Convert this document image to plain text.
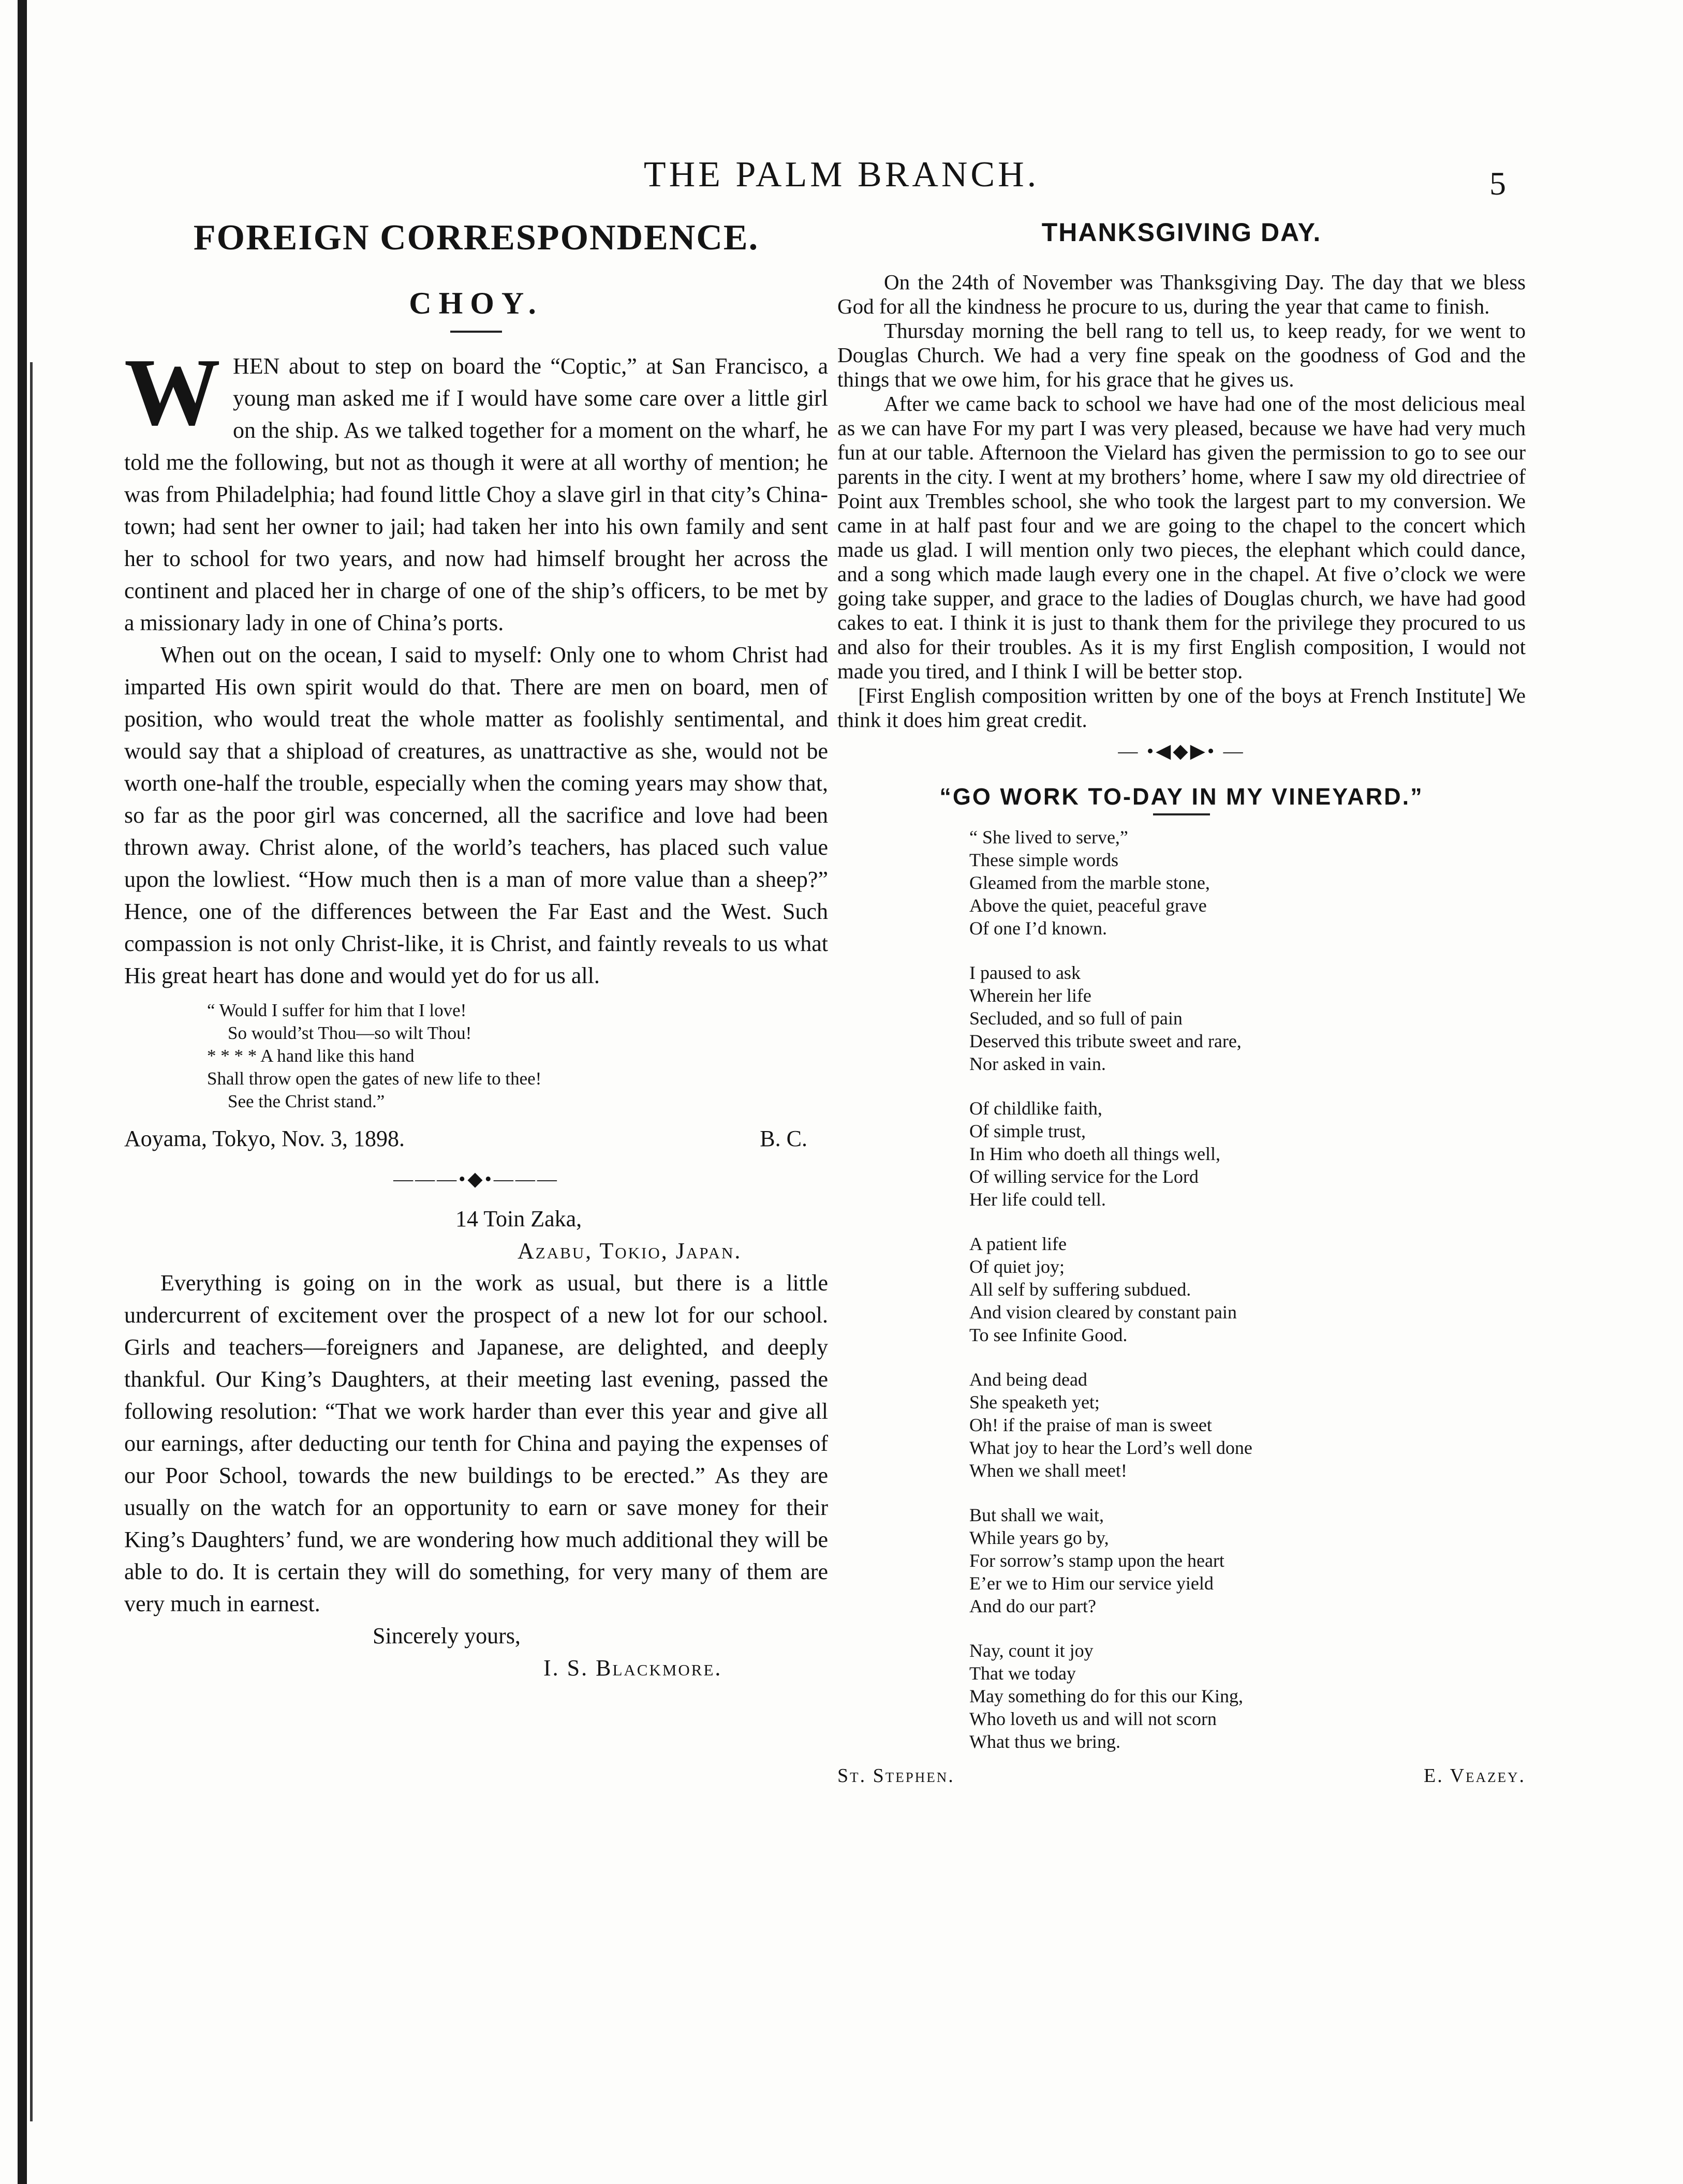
THE PALM BRANCH.	5
FOREIGN CORRESPONDENCE.
CHOY.

WHEN about to step on board the “Coptic,” at San Francisco, a young man asked me if I would have some care over a little girl on the ship. As we talked together for a moment on the wharf, he told me the following, but not as though it were at all worthy of mention; he was from Philadelphia; had found little Choy a slave girl in that city’s China-town; had sent her owner to jail; had taken her into his own family and sent her to school for two years, and now had himself brought her across the continent and placed her in charge of one of the ship’s officers, to be met by a missionary lady in one of China’s ports.

When out on the ocean, I said to myself: Only one to whom Christ had imparted His own spirit would do that. There are men on board, men of position, who would treat the whole matter as foolishly sentimental, and would say that a shipload of creatures, as unattractive as she, would not be worth one-half the trouble, especially when the coming years may show that, so far as the poor girl was concerned, all the sacrifice and love had been thrown away. Christ alone, of the world’s teachers, has placed such value upon the lowliest. “How much then is a man of more value than a sheep?” Hence, one of the differences between the Far East and the West. Such compassion is not only Christ-like, it is Christ, and faintly reveals to us what His great heart has done and would yet do for us all.

“ Would I suffer for him that I love!
So would’st Thou—so wilt Thou!
* * * * A hand like this hand
Shall throw open the gates of new life to thee!
See the Christ stand.”
Aoyama, Tokyo, Nov. 3, 1898.	B. C.
———•◆•———
14 Toin Zaka,
Azabu, Tokio, Japan.

Everything is going on in the work as usual, but there is a little undercurrent of excitement over the prospect of a new lot for our school. Girls and teachers—foreigners and Japanese, are delighted, and deeply thankful. Our King’s Daughters, at their meeting last evening, passed the following resolution: “That we work harder than ever this year and give all our earnings, after deducting our tenth for China and paying the expenses of our Poor School, towards the new buildings to be erected.” As they are usually on the watch for an opportunity to earn or save money for their King’s Daughters’ fund, we are wondering how much additional they will be able to do. It is certain they will do something, for very many of them are very much in earnest.

Sincerely yours,
I. S. Blackmore.
THANKSGIVING DAY.

On the 24th of November was Thanksgiving Day. The day that we bless God for all the kindness he procure to us, during the year that came to finish.

Thursday morning the bell rang to tell us, to keep ready, for we went to Douglas Church. We had a very fine speak on the goodness of God and the things that we owe him, for his grace that he gives us.

After we came back to school we have had one of the most delicious meal as we can have For my part I was very pleased, because we have had very much fun at our table. Afternoon the Vielard has given the permission to go to see our parents in the city. I went at my brothers’ home, where I saw my old directriee of Point aux Trembles school, she who took the largest part to my conversion. We came in at half past four and we are going to the chapel to the concert which made us glad. I will mention only two pieces, the elephant which could dance, and a song which made laugh every one in the chapel. At five o’clock we were going take supper, and grace to the ladies of Douglas church, we have had good cakes to eat. I think it is just to thank them for the privilege they procured to us and also for their troubles. As it is my first English composition, I would not made you tired, and I think I will be better stop.

[First English composition written by one of the boys at French Institute] We think it does him great credit.

— •◀◆▶• —
“GO WORK TO-DAY IN MY VINEYARD.”
“ She lived to serve,”
These simple words
Gleamed from the marble stone,
Above the quiet, peaceful grave
Of one I’d known.
I paused to ask
Wherein her life
Secluded, and so full of pain
Deserved this tribute sweet and rare,
Nor asked in vain.
Of childlike faith,
Of simple trust,
In Him who doeth all things well,
Of willing service for the Lord
Her life could tell.
A patient life
Of quiet joy;
All self by suffering subdued.
And vision cleared by constant pain
To see Infinite Good.
And being dead
She speaketh yet;
Oh! if the praise of man is sweet
What joy to hear the Lord’s well done
When we shall meet!
But shall we wait,
While years go by,
For sorrow’s stamp upon the heart
E’er we to Him our service yield
And do our part?
Nay, count it joy
That we today
May something do for this our King,
Who loveth us and will not scorn
What thus we bring.
St. Stephen.	E. Veazey.
